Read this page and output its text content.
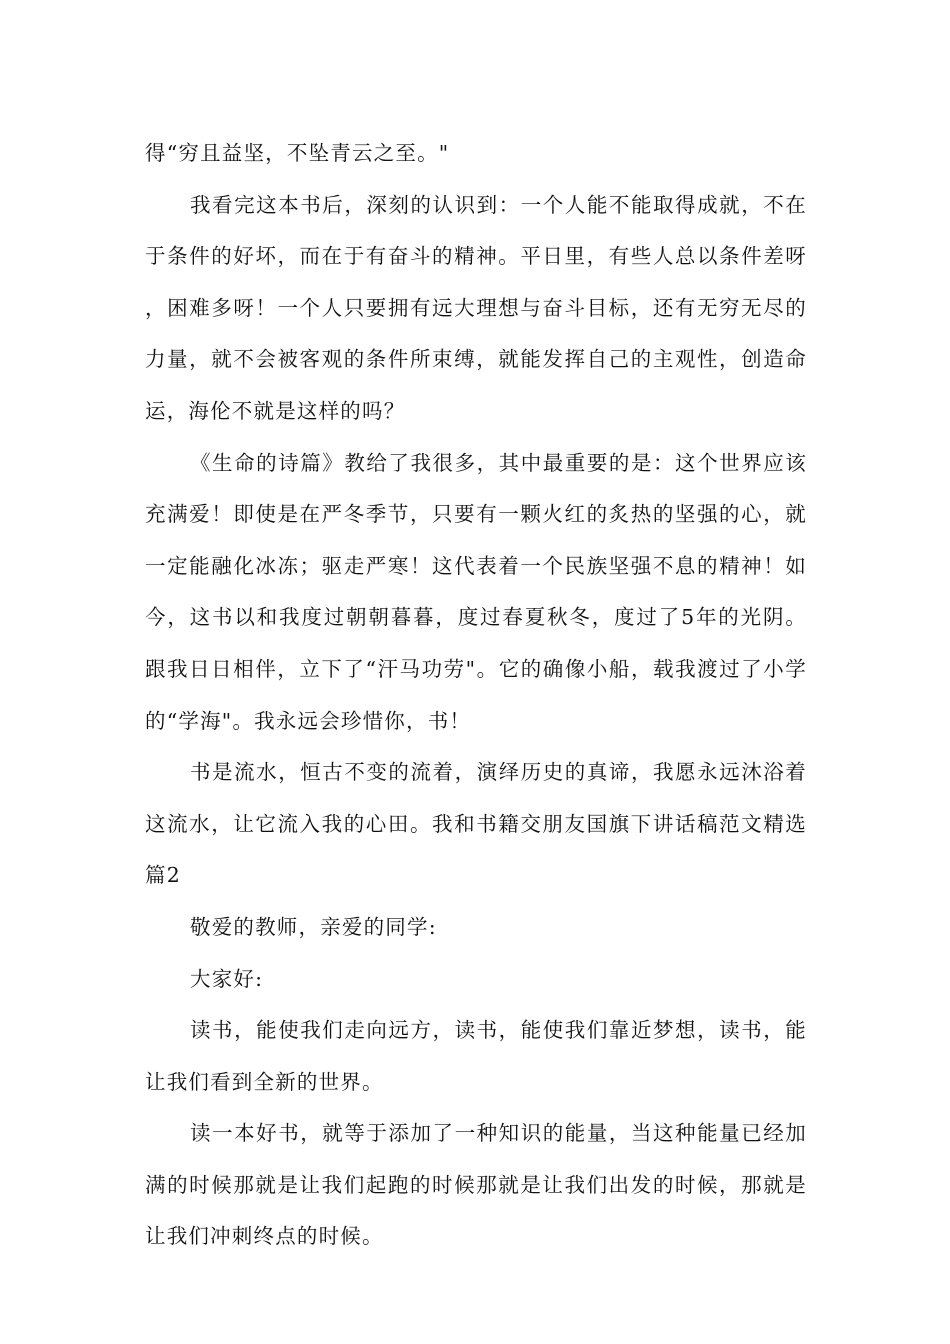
得“穷且益坚，不坠青云之至。"

我看完这本书后，深刻的认识到：一个人能不能取得成就，不在于条件的好坏，而在于有奋斗的精神。平日里，有些人总以条件差呀，困难多呀！一个人只要拥有远大理想与奋斗目标，还有无穷无尽的力量，就不会被客观的条件所束缚，就能发挥自己的主观性，创造命运，海伦不就是这样的吗？

《生命的诗篇》教给了我很多，其中最重要的是：这个世界应该充满爱！即使是在严冬季节，只要有一颗火红的炙热的坚强的心，就一定能融化冰冻；驱走严寒！这代表着一个民族坚强不息的精神！如今，这书以和我度过朝朝暮暮，度过春夏秋冬，度过了5年的光阴。跟我日日相伴，立下了“汗马功劳"。它的确像小船，载我渡过了小学的“学海"。我永远会珍惜你，书！

书是流水，恒古不变的流着，演绎历史的真谛，我愿永远沐浴着这流水，让它流入我的心田。我和书籍交朋友国旗下讲话稿范文精选篇2

敬爱的教师，亲爱的同学:

大家好:

读书，能使我们走向远方，读书，能使我们靠近梦想，读书，能让我们看到全新的世界。

读一本好书，就等于添加了一种知识的能量，当这种能量已经加满的时候那就是让我们起跑的时候那就是让我们出发的时候，那就是让我们冲刺终点的时候。
